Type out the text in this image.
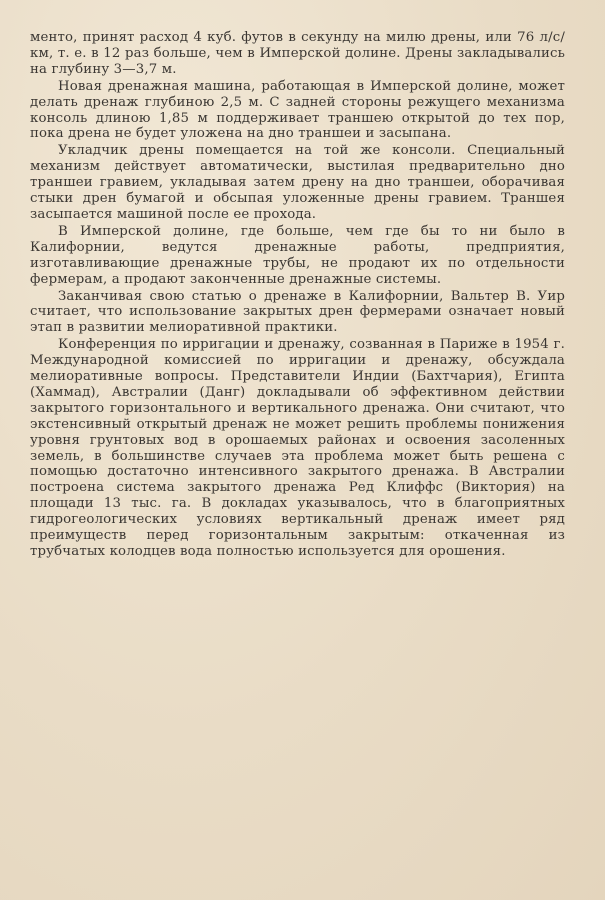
менто, принят расход 4 куб. футов в секунду на милю дрены, или 76 л/с/км, т. е. в 12 раз больше, чем в Имперской долине. Дрены закладывались на глубину 3—3,7 м.

Новая дренажная машина, работающая в Имперской долине, может делать дренаж глубиною 2,5 м. С задней стороны режущего механизма консоль длиною 1,85 м поддерживает траншею открытой до тех пор, пока дрена не будет уложена на дно траншеи и засыпана.

Укладчик дрены помещается на той же консоли. Специальный механизм действует автоматически, выстилая предварительно дно траншеи гравием, укладывая затем дрену на дно траншеи, оборачивая стыки дрен бумагой и обсыпая уложенные дрены гравием. Траншея засыпается машиной после ее прохода.

В Имперской долине, где больше, чем где бы то ни было в Калифорнии, ведутся дренажные работы, предприятия, изготавливающие дренажные трубы, не продают их по отдельности фермерам, а продают законченные дренажные системы.

Заканчивая свою статью о дренаже в Калифорнии, Вальтер В. Уир считает, что использование закрытых дрен фермерами означает новый этап в развитии мелиоративной практики.

Конференция по ирригации и дренажу, созванная в Париже в 1954 г. Международной комиссией по ирригации и дренажу, обсуждала мелиоративные вопросы. Представители Индии (Бахтчария), Египта (Хаммад), Австралии (Данг) докладывали об эффективном действии закрытого горизонтального и вертикального дренажа. Они считают, что экстенсивный открытый дренаж не может решить проблемы понижения уровня грунтовых вод в орошаемых районах и освоения засоленных земель, в большинстве случаев эта проблема может быть решена с помощью достаточно интенсивного закрытого дренажа. В Австралии построена система закрытого дренажа Ред Клиффс (Виктория) на площади 13 тыс. га. В докладах указывалось, что в благоприятных гидрогеологических условиях вертикальный дренаж имеет ряд преимуществ перед горизонтальным закрытым: откаченная из трубчатых колодцев вода полностью используется для орошения.
